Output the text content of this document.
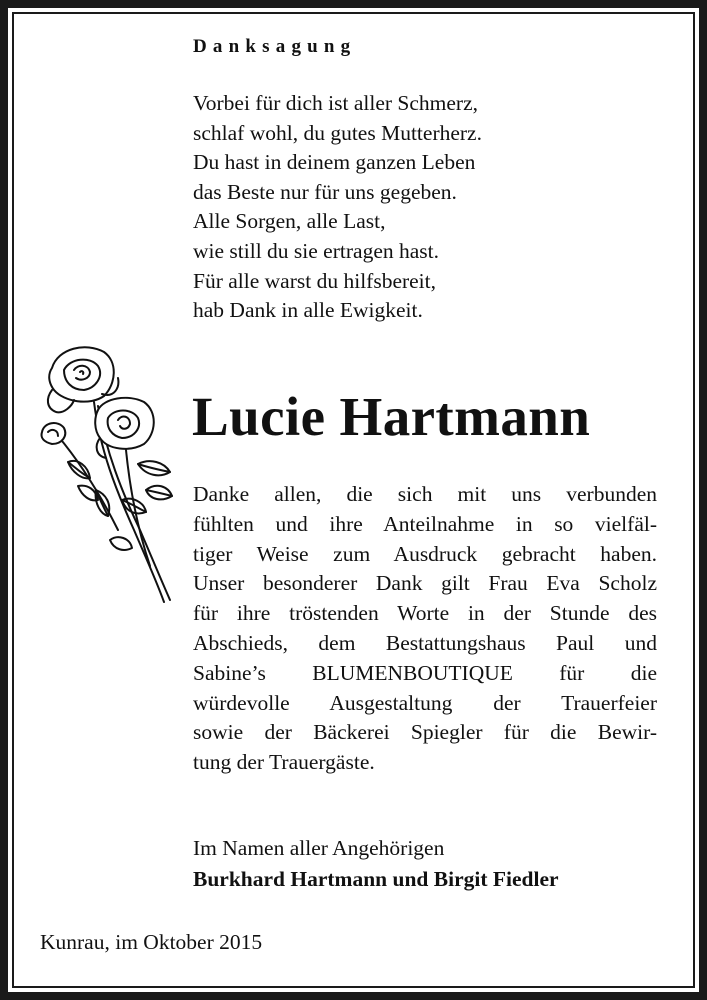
Danksagung
Vorbei für dich ist aller Schmerz,
schlaf wohl, du gutes Mutterherz.
Du hast in deinem ganzen Leben
das Beste nur für uns gegeben.
Alle Sorgen, alle Last,
wie still du sie ertragen hast.
Für alle warst du hilfsbereit,
hab Dank in alle Ewigkeit.
Lucie Hartmann
Danke allen, die sich mit uns verbunden
fühlten und ihre Anteilnahme in so vielfäl-
tiger Weise zum Ausdruck gebracht haben.
Unser besonderer Dank gilt Frau Eva Scholz
für ihre tröstenden Worte in der Stunde des
Abschieds, dem Bestattungshaus Paul und
Sabine’s BLUMENBOUTIQUE für die
würdevolle Ausgestaltung der Trauerfeier
sowie der Bäckerei Spiegler für die Bewir-
tung der Trauergäste.

Im Namen aller Angehörigen

Burkhard Hartmann und Birgit Fiedler

Kunrau, im Oktober 2015
